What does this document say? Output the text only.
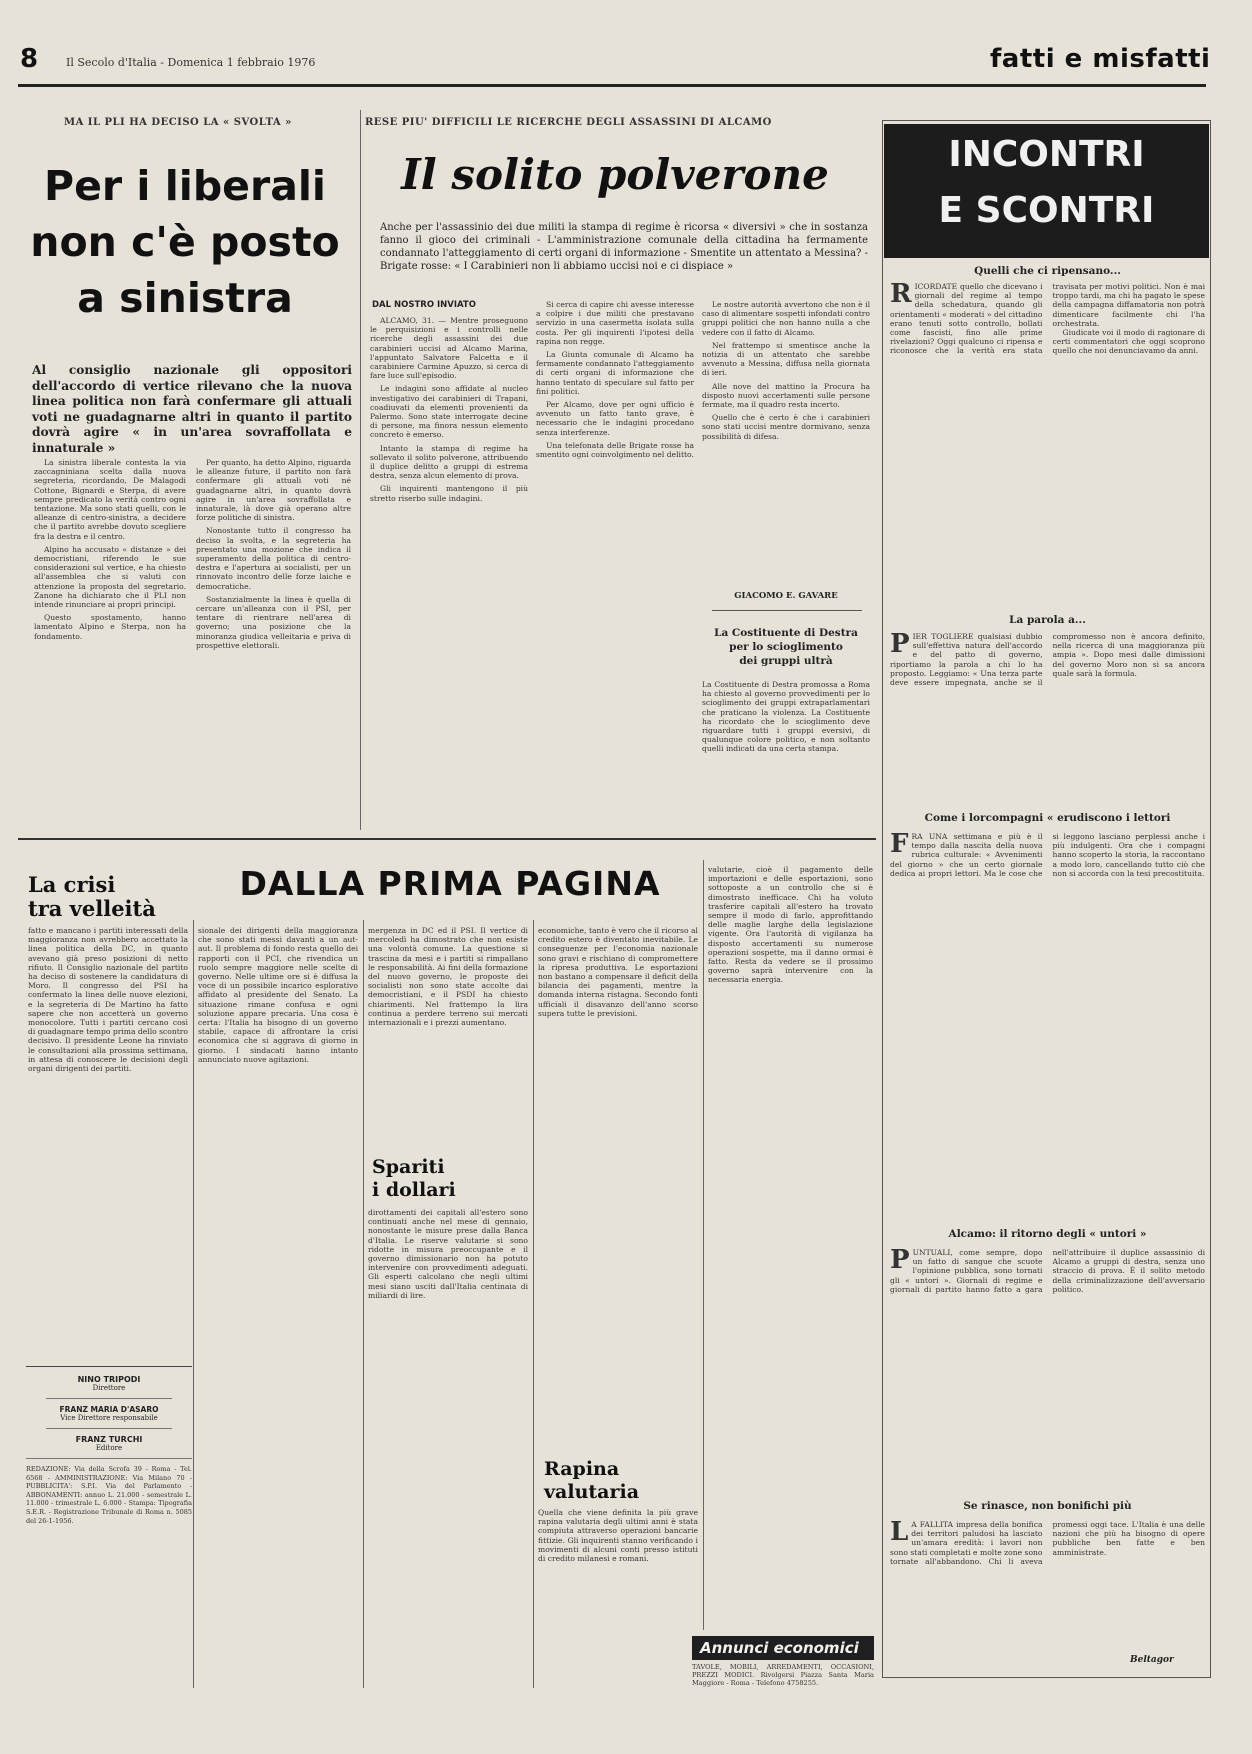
8	Il Secolo d'Italia - Domenica 1 febbraio 1976	fatti e misfatti
MA IL PLI HA DECISO LA « SVOLTA »
Per i liberali
non c'è posto
a sinistra
Al consiglio nazionale gli oppositori dell'accordo di vertice rilevano che la nuova linea politica non farà confermare gli attuali voti ne guadagnarne altri in quanto il partito dovrà agire « in un'area sovraffollata e innaturale »

La sinistra liberale contesta la via zaccagniniana scelta dalla nuova segreteria, ricordando, De Malagodi Cottone, Bignardi e Sterpa, di avere sempre predicato la verità contro ogni tentazione. Ma sono stati quelli, con le alleanze di centro-sinistra, a decidere che il partito avrebbe dovuto scegliere fra la destra e il centro.

Alpino ha accusato « distanze » dei democristiani, riferendo le sue considerazioni sul vertice, e ha chiesto all'assemblea che si valuti con attenzione la proposta del segretario. Zanone ha dichiarato che il PLI non intende rinunciare ai propri principi.

Questo spostamento, hanno lamentato Alpino e Sterpa, non ha fondamento.

Per quanto, ha detto Alpino, riguarda le alleanze future, il partito non farà confermare gli attuali voti né guadagnarne altri, in quanto dovrà agire in un'area sovraffollata e innaturale, là dove già operano altre forze politiche di sinistra.

Nonostante tutto il congresso ha deciso la svolta, e la segreteria ha presentato una mozione che indica il superamento della politica di centro-destra e l'apertura ai socialisti, per un rinnovato incontro delle forze laiche e democratiche.

Sostanzialmente la linea è quella di cercare un'alleanza con il PSI, per tentare di rientrare nell'area di governo; una posizione che la minoranza giudica velleitaria e priva di prospettive elettorali.

RESE PIU' DIFFICILI LE RICERCHE DEGLI ASSASSINI DI ALCAMO
Il solito polverone
Anche per l'assassinio dei due militi la stampa di regime è ricorsa « diversivi » che in sostanza fanno il gioco dei criminali - L'amministrazione comunale della cittadina ha fermamente condannato l'atteggiamento di certi organi di informazione - Smentite un attentato a Messina? - Brigate rosse: « I Carabinieri non li abbiamo uccisi noi e ci dispiace »
DAL NOSTRO INVIATO

ALCAMO, 31. — Mentre proseguono le perquisizioni e i controlli nelle ricerche degli assassini dei due carabinieri uccisi ad Alcamo Marina, l'appuntato Salvatore Falcetta e il carabiniere Carmine Apuzzo, si cerca di fare luce sull'episodio.

Le indagini sono affidate al nucleo investigativo dei carabinieri di Trapani, coadiuvati da elementi provenienti da Palermo. Sono state interrogate decine di persone, ma finora nessun elemento concreto è emerso.

Intanto la stampa di regime ha sollevato il solito polverone, attribuendo il duplice delitto a gruppi di estrema destra, senza alcun elemento di prova.

Gli inquirenti mantengono il più stretto riserbo sulle indagini.

Si cerca di capire chi avesse interesse a colpire i due militi che prestavano servizio in una casermetta isolata sulla costa. Per gli inquirenti l'ipotesi della rapina non regge.

La Giunta comunale di Alcamo ha fermamente condannato l'atteggiamento di certi organi di informazione che hanno tentato di speculare sul fatto per fini politici.

Per Alcamo, dove per ogni ufficio è avvenuto un fatto tanto grave, è necessario che le indagini procedano senza interferenze.

Una telefonata delle Brigate rosse ha smentito ogni coinvolgimento nel delitto.

Le nostre autorità avvertono che non è il caso di alimentare sospetti infondati contro gruppi politici che non hanno nulla a che vedere con il fatto di Alcamo.

Nel frattempo si smentisce anche la notizia di un attentato che sarebbe avvenuto a Messina, diffusa nella giornata di ieri.

Alle nove del mattino la Procura ha disposto nuovi accertamenti sulle persone fermate, ma il quadro resta incerto.

Quello che è certo è che i carabinieri sono stati uccisi mentre dormivano, senza possibilità di difesa.

GIACOMO E. GAVARE
La Costituente di Destra
per lo scioglimento
dei gruppi ultrà
La Costituente di Destra promossa a Roma ha chiesto al governo provvedimenti per lo scioglimento dei gruppi extraparlamentari che praticano la violenza. La Costituente ha ricordato che lo scioglimento deve riguardare tutti i gruppi eversivi, di qualunque colore politico, e non soltanto quelli indicati da una certa stampa.
INCONTRI
E SCONTRI
Quelli che ci ripensano...
RICORDATE quello che dicevano i giornali del regime al tempo della schedatura, quando gli orientamenti « moderati » del cittadino erano tenuti sotto controllo, bollati come fascisti, fino alle prime rivelazioni? Oggi qualcuno ci ripensa e riconosce che la verità era stata travisata per motivi politici. Non è mai troppo tardi, ma chi ha pagato le spese della campagna diffamatoria non potrà dimenticare facilmente chi l'ha orchestrata.

Giudicate voi il modo di ragionare di certi commentatori che oggi scoprono quello che noi denunciavamo da anni.

La parola a...
PIER TOGLIERE qualsiasi dubbio sull'effettiva natura dell'accordo e del patto di governo, riportiamo la parola a chi lo ha proposto. Leggiamo: « Una terza parte deve essere impegnata, anche se il compromesso non è ancora definito, nella ricerca di una maggioranza più ampia ». Dopo mesi dalle dimissioni del governo Moro non si sa ancora quale sarà la formula.
Come i lorcompagni « erudiscono i lettori
FRA UNA settimana e più è il tempo dalla nascita della nuova rubrica culturale: « Avvenimenti del giorno » che un certo giornale dedica ai propri lettori. Ma le cose che si leggono lasciano perplessi anche i più indulgenti. Ora che i compagni hanno scoperto la storia, la raccontano a modo loro, cancellando tutto ciò che non si accorda con la tesi precostituita.
Alcamo: il ritorno degli « untori »
PUNTUALI, come sempre, dopo un fatto di sangue che scuote l'opinione pubblica, sono tornati gli « untori ». Giornali di regime e giornali di partito hanno fatto a gara nell'attribuire il duplice assassinio di Alcamo a gruppi di destra, senza uno straccio di prova. È il solito metodo della criminalizzazione dell'avversario politico.
Se rinasce, non bonifichi più
L A FALLITA impresa della bonifica dei territori paludosi ha lasciato un'amara eredità: i lavori non sono stati completati e molte zone sono tornate all'abbandono. Chi li aveva promessi oggi tace. L'Italia è una delle nazioni che più ha bisogno di opere pubbliche ben fatte e ben amministrate.
Beltagor
DALLA PRIMA PAGINA
La crisi
tra velleità
fatto e mancano i partiti interessati della maggioranza non avrebbero accettato la linea politica della DC, in quanto avevano già preso posizioni di netto rifiuto. Il Consiglio nazionale del partito ha deciso di sostenere la candidatura di Moro. Il congresso del PSI ha confermato la linea delle nuove elezioni, e la segreteria di De Martino ha fatto sapere che non accetterà un governo monocolore. Tutti i partiti cercano così di guadagnare tempo prima dello scontro decisivo. Il presidente Leone ha rinviato le consultazioni alla prossima settimana, in attesa di conoscere le decisioni degli organi dirigenti dei partiti.
NINO TRIPODI
Direttore
FRANZ MARIA D'ASARO
Vice Direttore responsabile
FRANZ TURCHI
Editore
REDAZIONE: Via della Scrofa 39 - Roma - Tel. 6568 - AMMINISTRAZIONE: Via Milano 70 - PUBBLICITA': S.P.I. Via del Parlamento - ABBONAMENTI: annuo L. 21.000 - semestrale L. 11.000 - trimestrale L. 6.000 - Stampa: Tipografia S.E.R. - Registrazione Tribunale di Roma n. 5085 del 26-1-1956.
sionale dei dirigenti della maggioranza che sono stati messi davanti a un aut-aut. Il problema di fondo resta quello dei rapporti con il PCI, che rivendica un ruolo sempre maggiore nelle scelte di governo. Nelle ultime ore si è diffusa la voce di un possibile incarico esplorativo affidato al presidente del Senato. La situazione rimane confusa e ogni soluzione appare precaria. Una cosa è certa: l'Italia ha bisogno di un governo stabile, capace di affrontare la crisi economica che si aggrava di giorno in giorno. I sindacati hanno intanto annunciato nuove agitazioni.
mergenza in DC ed il PSI. Il vertice di mercoledì ha dimostrato che non esiste una volontà comune. La questione si trascina da mesi e i partiti si rimpallano le responsabilità. Ai fini della formazione del nuovo governo, le proposte dei socialisti non sono state accolte dai democristiani, e il PSDI ha chiesto chiarimenti. Nel frattempo la lira continua a perdere terreno sui mercati internazionali e i prezzi aumentano.
Spariti
i dollari
dirottamenti dei capitali all'estero sono continuati anche nel mese di gennaio, nonostante le misure prese dalla Banca d'Italia. Le riserve valutarie si sono ridotte in misura preoccupante e il governo dimissionario non ha potuto intervenire con provvedimenti adeguati. Gli esperti calcolano che negli ultimi mesi siano usciti dall'Italia centinaia di miliardi di lire.
economiche, tanto è vero che il ricorso al credito estero è diventato inevitabile. Le conseguenze per l'economia nazionale sono gravi e rischiano di compromettere la ripresa produttiva. Le esportazioni non bastano a compensare il deficit della bilancia dei pagamenti, mentre la domanda interna ristagna. Secondo fonti ufficiali il disavanzo dell'anno scorso supera tutte le previsioni.
Rapina
valutaria
Quella che viene definita la più grave rapina valutaria degli ultimi anni è stata compiuta attraverso operazioni bancarie fittizie. Gli inquirenti stanno verificando i movimenti di alcuni conti presso istituti di credito milanesi e romani.
valutarie, cioè il pagamento delle importazioni e delle esportazioni, sono sottoposte a un controllo che si è dimostrato inefficace. Chi ha voluto trasferire capitali all'estero ha trovato sempre il modo di farlo, approfittando delle maglie larghe della legislazione vigente. Ora l'autorità di vigilanza ha disposto accertamenti su numerose operazioni sospette, ma il danno ormai è fatto. Resta da vedere se il prossimo governo saprà intervenire con la necessaria energia.
Annunci economici
TAVOLE, MOBILI, ARREDAMENTI, OCCASIONI, PREZZI MODICI. Rivolgersi Piazza Santa Maria Maggiore - Roma - Telefono 4758255.
